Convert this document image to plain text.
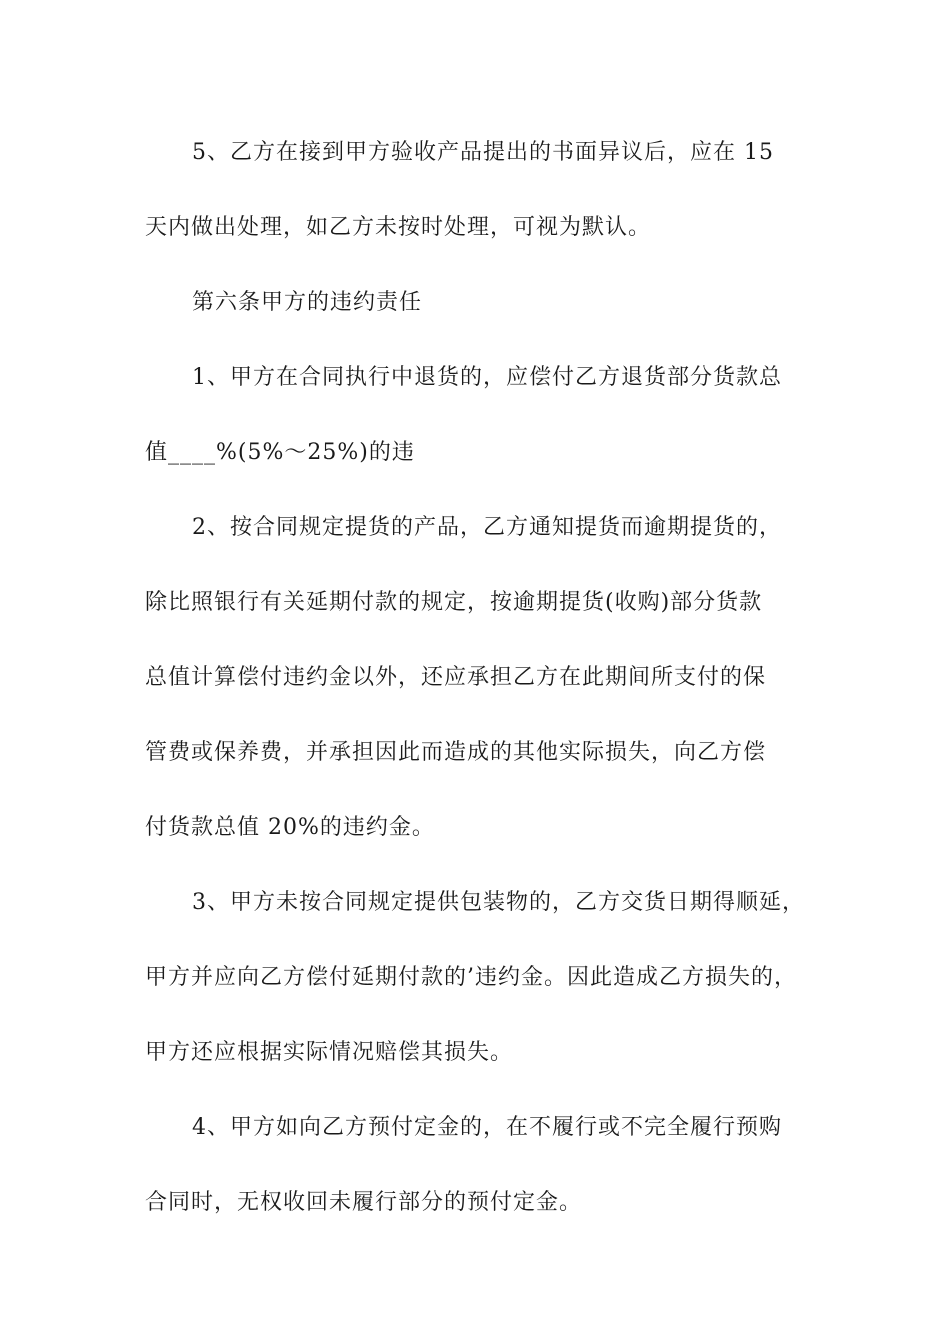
5、乙方在接到甲方验收产品提出的书面异议后，应在 15
天内做出处理，如乙方未按时处理，可视为默认。
第六条甲方的违约责任
1、甲方在合同执行中退货的，应偿付乙方退货部分货款总
值____%(5%～25%)的违
2、按合同规定提货的产品，乙方通知提货而逾期提货的，
除比照银行有关延期付款的规定，按逾期提货(收购)部分货款
总值计算偿付违约金以外，还应承担乙方在此期间所支付的保
管费或保养费，并承担因此而造成的其他实际损失，向乙方偿
付货款总值 20%的违约金。
3、甲方未按合同规定提供包装物的，乙方交货日期得顺延，
甲方并应向乙方偿付延期付款的’违约金。因此造成乙方损失的，
甲方还应根据实际情况赔偿其损失。
4、甲方如向乙方预付定金的，在不履行或不完全履行预购
合同时，无权收回未履行部分的预付定金。
